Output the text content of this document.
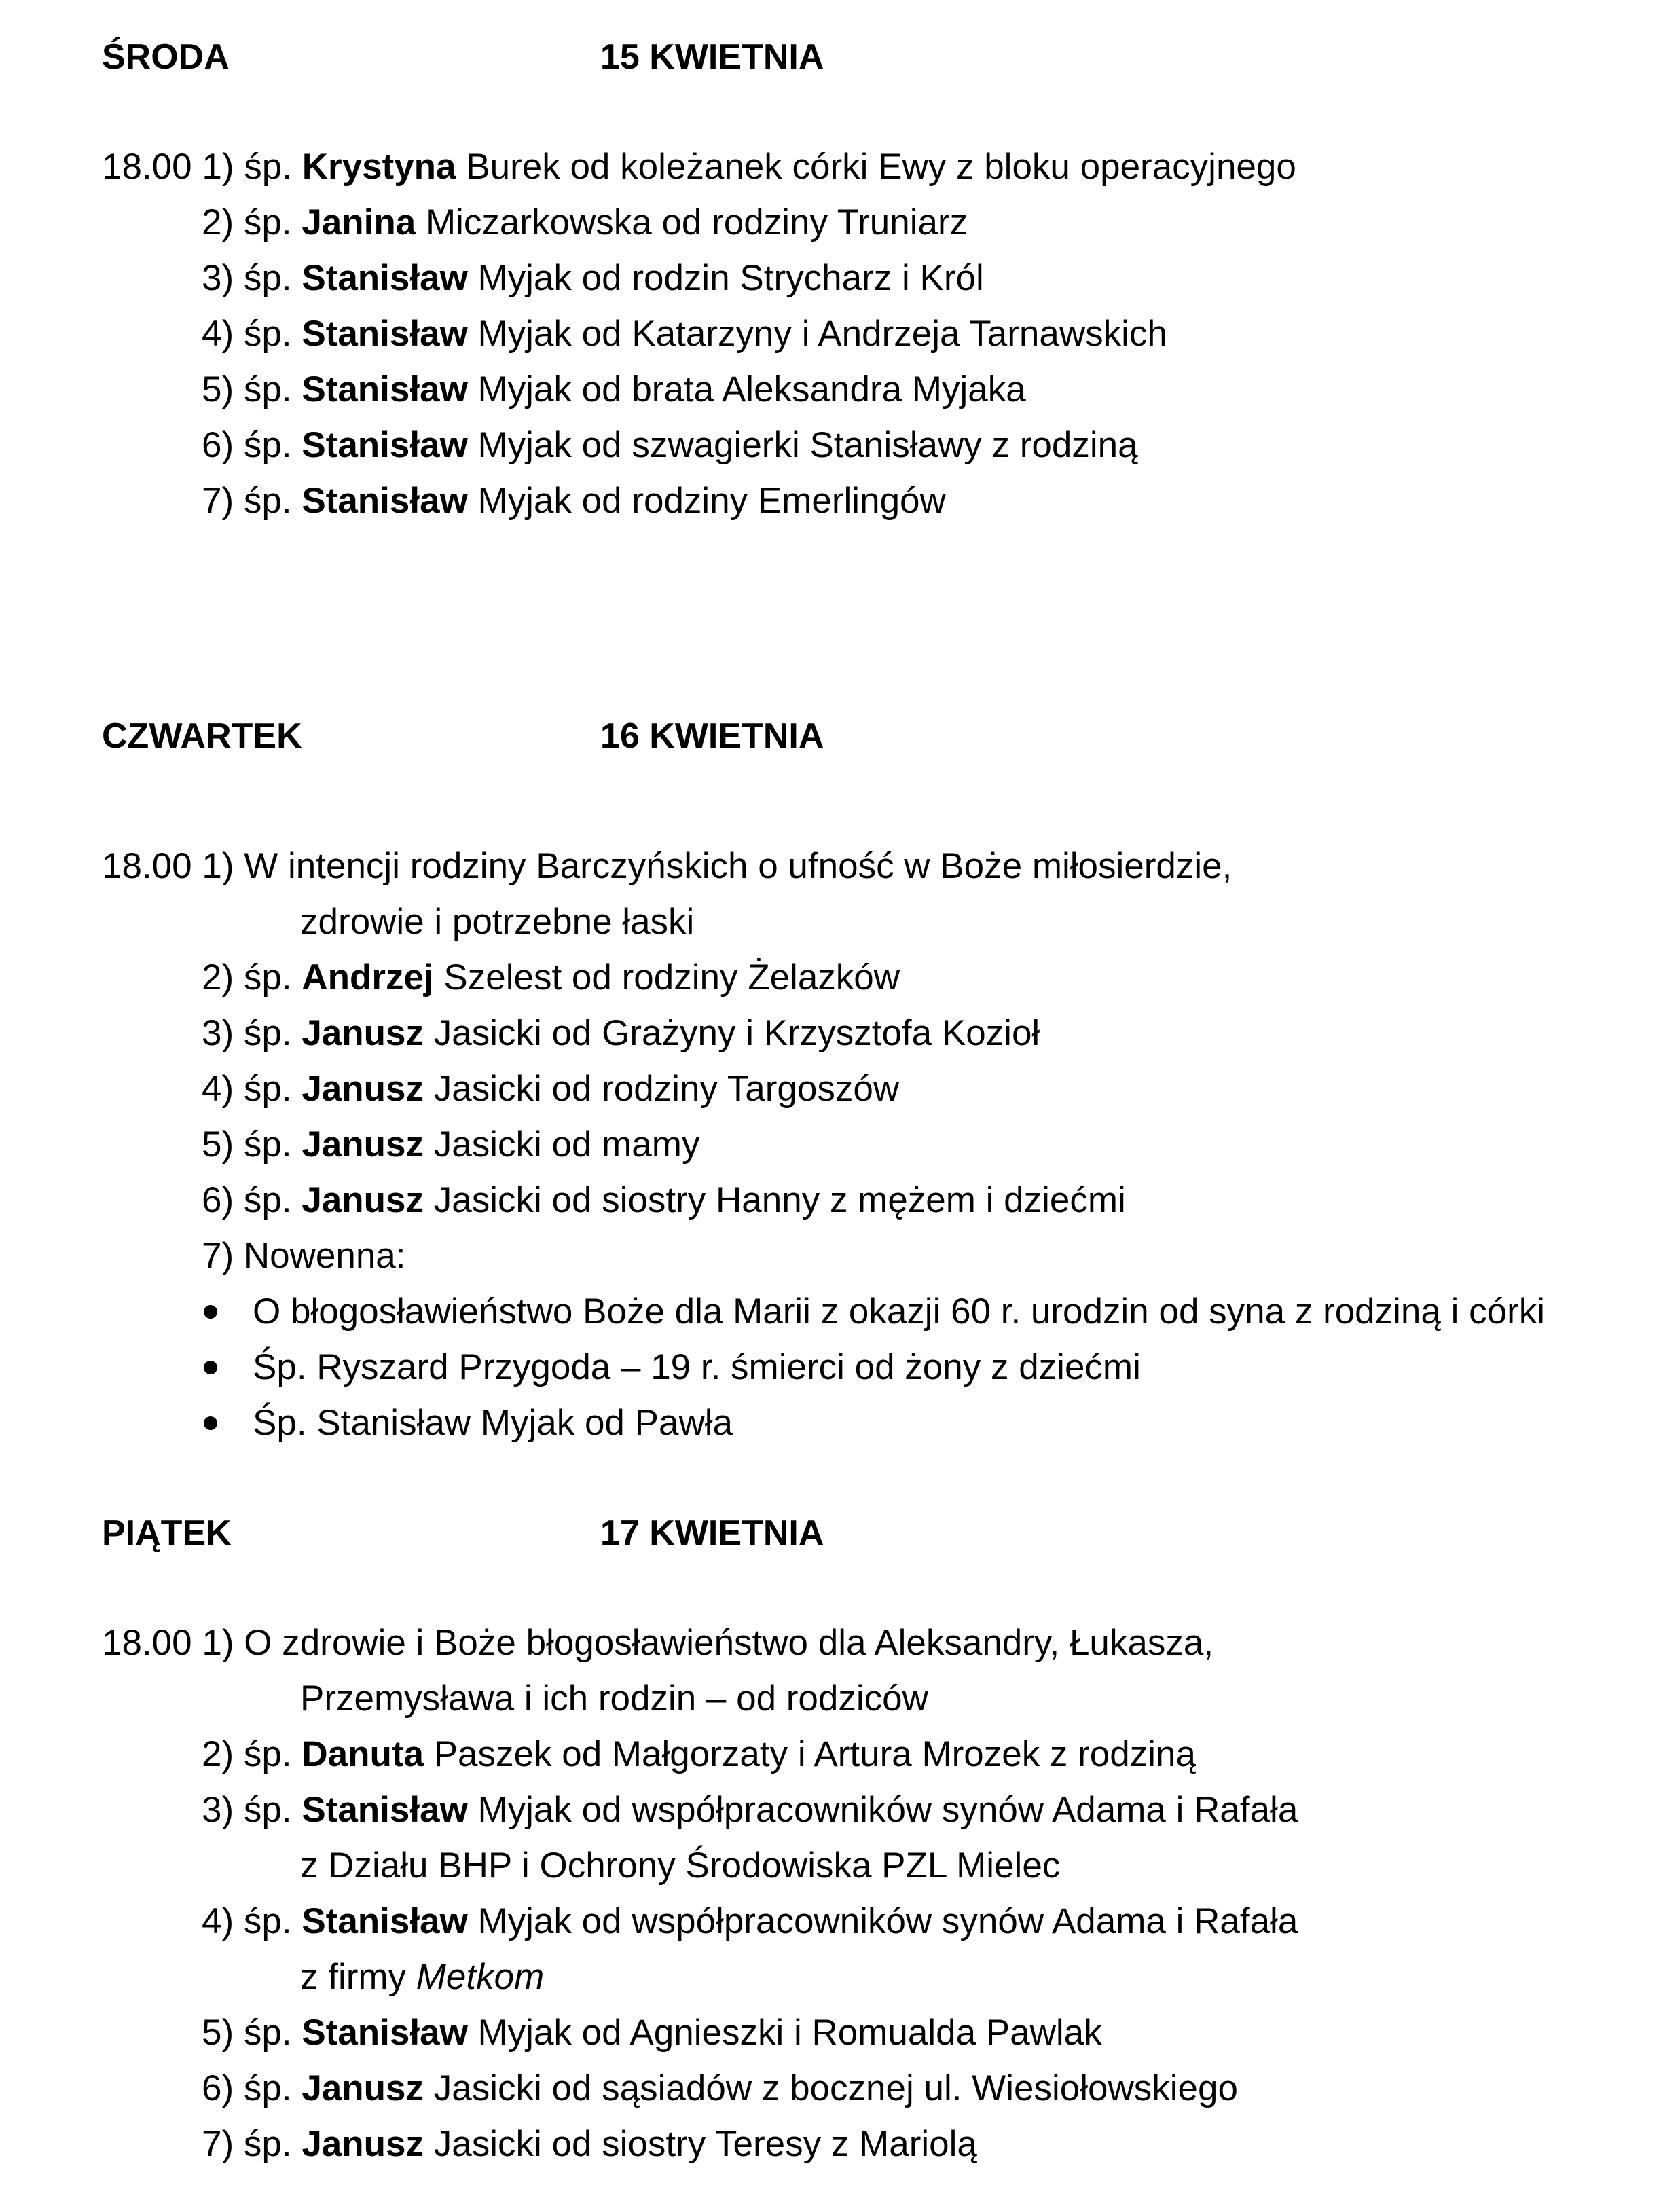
ŚRODA	15 KWIETNIA
18.00 1) śp. Krystyna Burek od koleżanek córki Ewy z bloku operacyjnego
2) śp. Janina Miczarkowska od rodziny Truniarz
3) śp. Stanisław Myjak od rodzin Strycharz i Król
4) śp. Stanisław Myjak od Katarzyny i Andrzeja Tarnawskich
5) śp. Stanisław Myjak od brata Aleksandra Myjaka
6) śp. Stanisław Myjak od szwagierki Stanisławy z rodziną
7) śp. Stanisław Myjak od rodziny Emerlingów
CZWARTEK	16 KWIETNIA
18.00 1) W intencji rodziny Barczyńskich o ufność w Boże miłosierdzie,
zdrowie i potrzebne łaski
2) śp. Andrzej Szelest od rodziny Żelazków
3) śp. Janusz Jasicki od Grażyny i Krzysztofa Kozioł
4) śp. Janusz Jasicki od rodziny Targoszów
5) śp. Janusz Jasicki od mamy
6) śp. Janusz Jasicki od siostry Hanny z mężem i dziećmi
7) Nowenna:
O błogosławieństwo Boże dla Marii z okazji 60 r. urodzin od syna z rodziną i córki
Śp. Ryszard Przygoda – 19 r. śmierci od żony z dziećmi
Śp. Stanisław Myjak od Pawła
PIĄTEK	17 KWIETNIA
18.00 1) O zdrowie i Boże błogosławieństwo dla Aleksandry, Łukasza,
Przemysława i ich rodzin – od rodziców
2) śp. Danuta Paszek od Małgorzaty i Artura Mrozek z rodziną
3) śp. Stanisław Myjak od współpracowników synów Adama i Rafała
z Działu BHP i Ochrony Środowiska PZL Mielec
4) śp. Stanisław Myjak od współpracowników synów Adama i Rafała
z firmy Metkom
5) śp. Stanisław Myjak od Agnieszki i Romualda Pawlak
6) śp. Janusz Jasicki od sąsiadów z bocznej ul. Wiesiołowskiego
7) śp. Janusz Jasicki od siostry Teresy z Mariolą
